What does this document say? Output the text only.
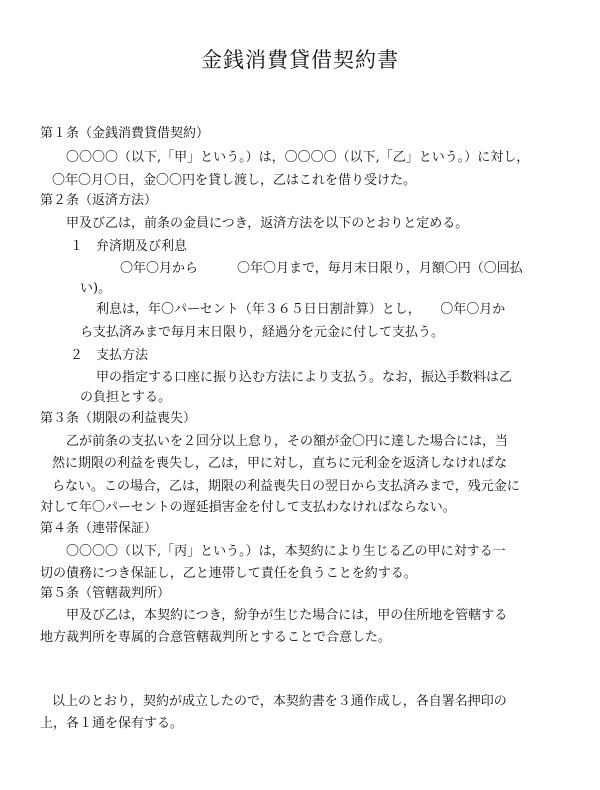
金銭消費貸借契約書

第１条（金銭消費貸借契約）

〇〇〇〇（以下,「甲」という。）は，〇〇〇〇（以下,「乙」という。）に対し，

〇年〇月〇日，金〇〇円を貸し渡し，乙はこれを借り受けた。

第２条（返済方法）

甲及び乙は，前条の金員につき，返済方法を以下のとおりと定める。

１　弁済期及び利息

〇年〇月から　　　〇年〇月まで，毎月末日限り，月額〇円（〇回払

い)。

利息は，年〇パーセント（年３６５日日割計算）とし，　　〇年〇月か

ら支払済みまで毎月末日限り，経過分を元金に付して支払う。

２　支払方法

甲の指定する口座に振り込む方法により支払う。なお，振込手数料は乙

の負担とする。

第３条（期限の利益喪失）

乙が前条の支払いを２回分以上怠り，その額が金〇円に達した場合には，当

然に期限の利益を喪失し，乙は，甲に対し，直ちに元利金を返済しなければな

らない。この場合，乙は，期限の利益喪失日の翌日から支払済みまで，残元金に

対して年〇パーセントの遅延損害金を付して支払わなければならない。

第４条（連帯保証）

〇〇〇〇（以下,「丙」という。）は，本契約により生じる乙の甲に対する一

切の債務につき保証し，乙と連帯して責任を負うことを約する。

第５条（管轄裁判所）

甲及び乙は，本契約につき，紛争が生じた場合には，甲の住所地を管轄する

地方裁判所を専属的合意管轄裁判所とすることで合意した。

以上のとおり，契約が成立したので，本契約書を３通作成し，各自署名押印の

上，各１通を保有する。
